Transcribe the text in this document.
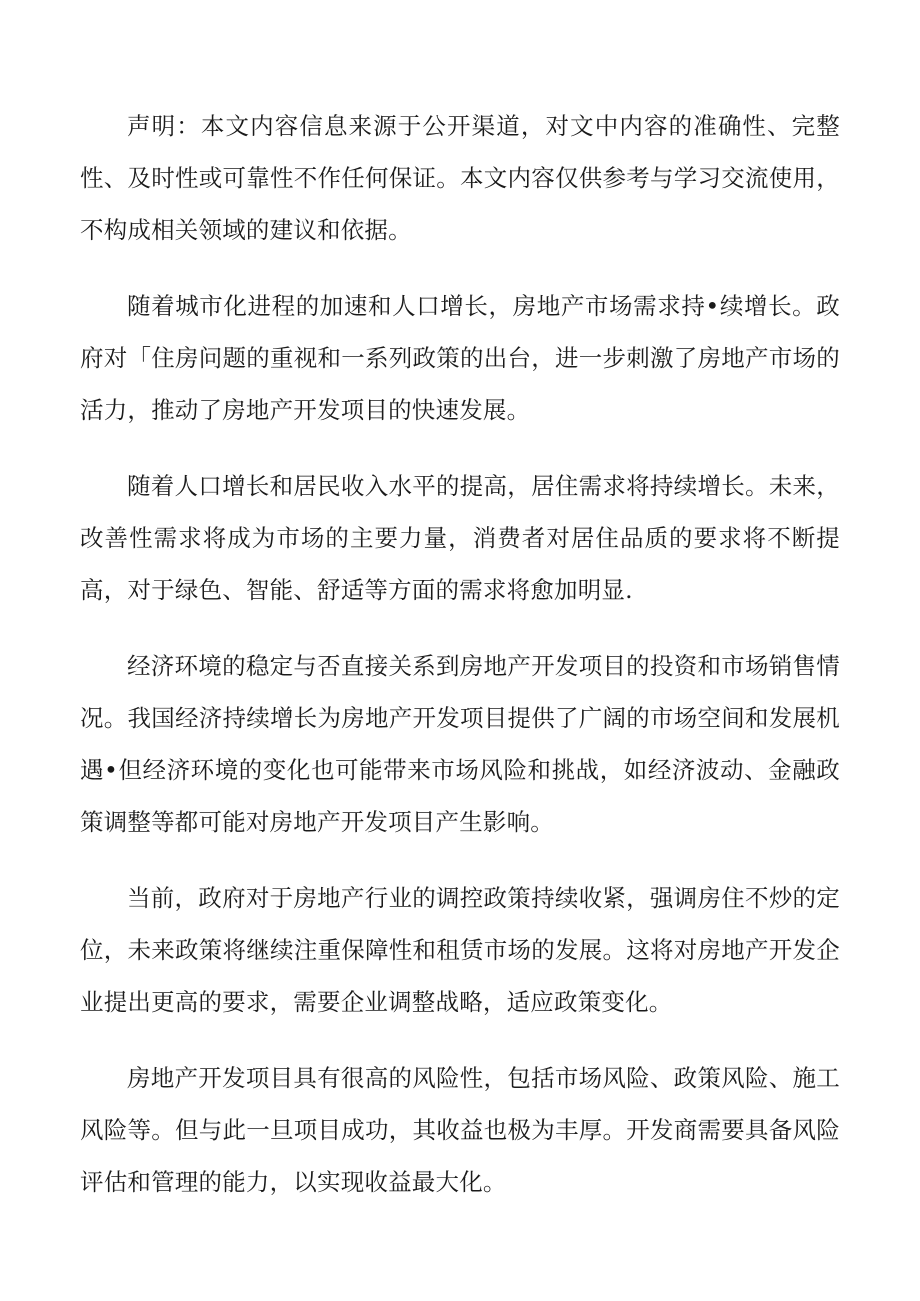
声明：本文内容信息来源于公开渠道，对文中内容的准确性、完整性、及时性或可靠性不作任何保证。本文内容仅供参考与学习交流使用，不构成相关领域的建议和依据。

随着城市化进程的加速和人口增长，房地产市场需求持•续增长。政府对「住房问题的重视和一系列政策的出台，进一步刺激了房地产市场的活力，推动了房地产开发项目的快速发展。

随着人口增长和居民收入水平的提高，居住需求将持续增长。未来，改善性需求将成为市场的主要力量，消费者对居住品质的要求将不断提高，对于绿色、智能、舒适等方面的需求将愈加明显.

经济环境的稳定与否直接关系到房地产开发项目的投资和市场销售情况。我国经济持续增长为房地产开发项目提供了广阔的市场空间和发展机遇•但经济环境的变化也可能带来市场风险和挑战，如经济波动、金融政策调整等都可能对房地产开发项目产生影响。

当前，政府对于房地产行业的调控政策持续收紧，强调房住不炒的定位，未来政策将继续注重保障性和租赁市场的发展。这将对房地产开发企业提出更高的要求，需要企业调整战略，适应政策变化。

房地产开发项目具有很高的风险性，包括市场风险、政策风险、施工风险等。但与此一旦项目成功，其收益也极为丰厚。开发商需要具备风险评估和管理的能力，以实现收益最大化。
